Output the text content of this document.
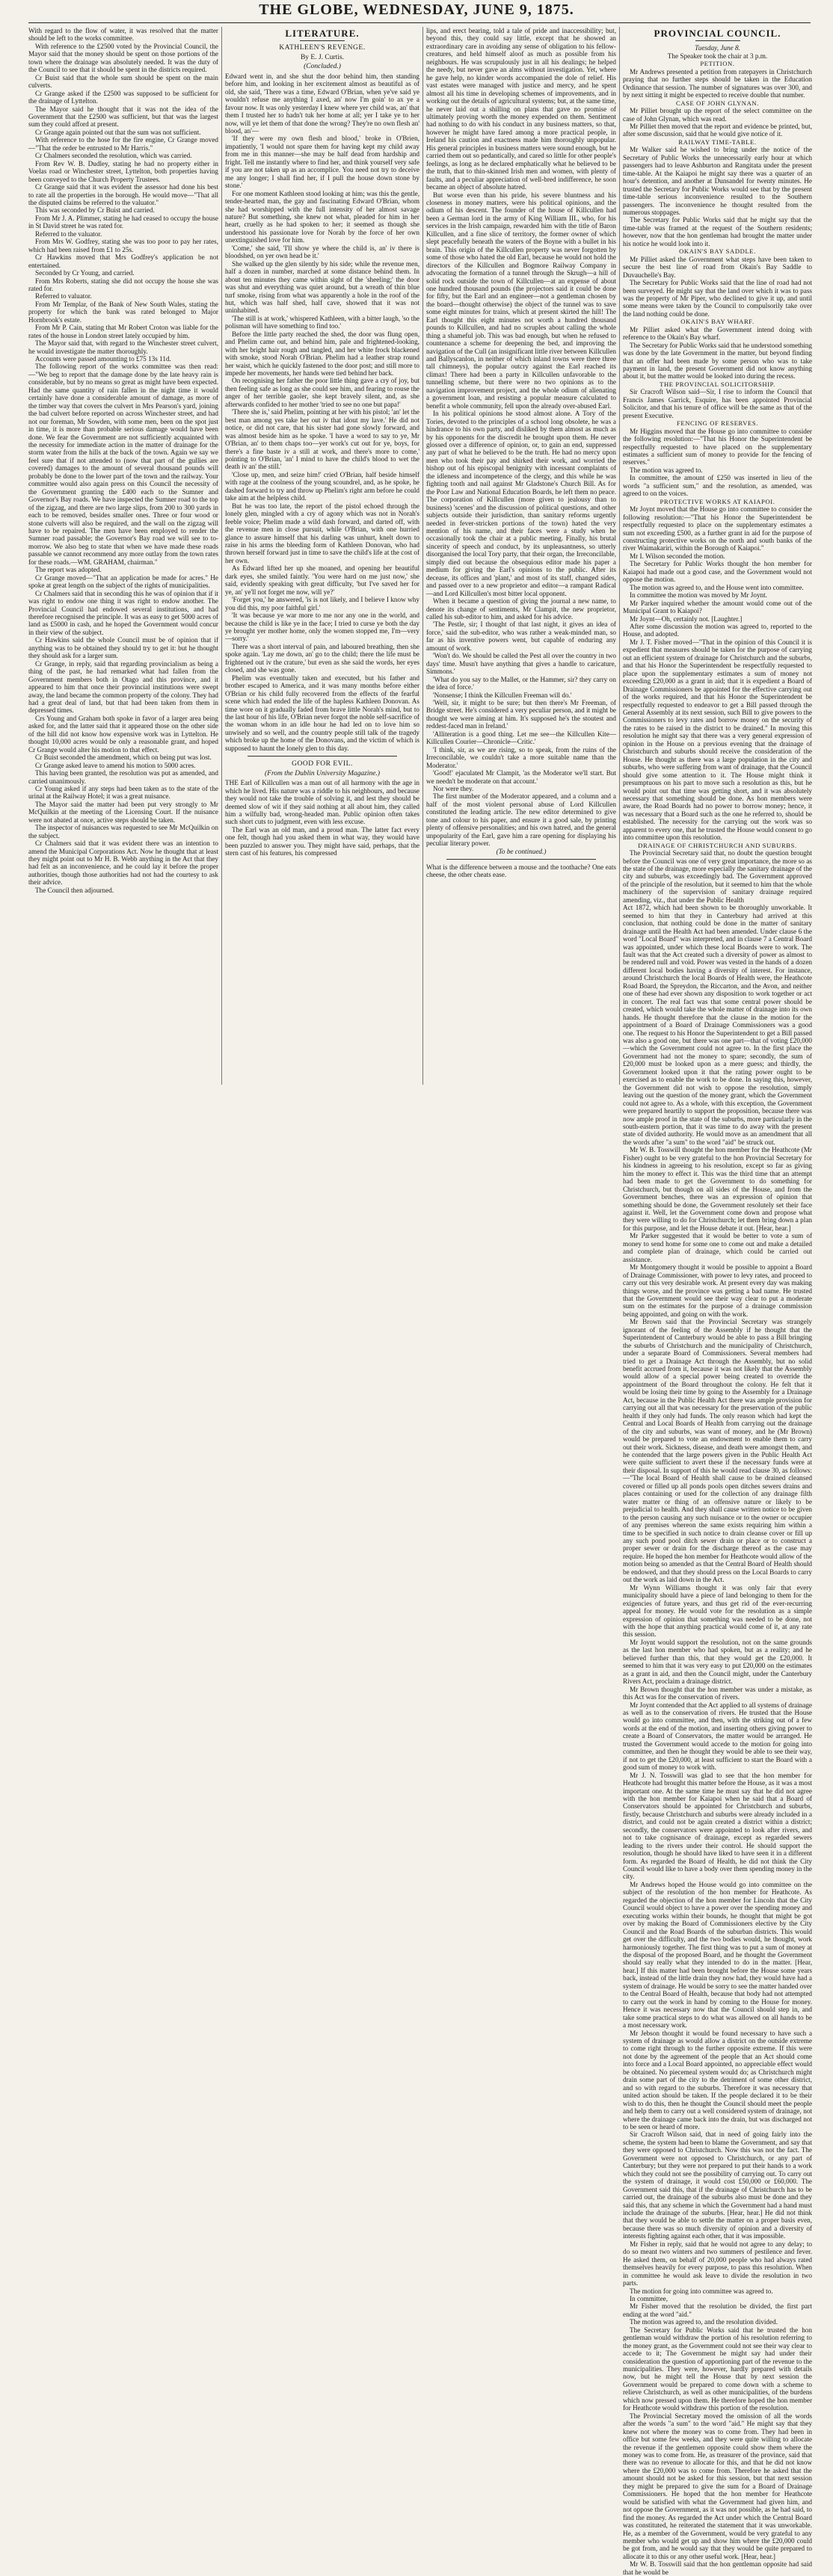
THE GLOBE, WEDNESDAY, JUNE 9, 1875.

With regard to the flow of water, it was resolved that the matter should be left to the works committee.

With reference to the £2500 voted by the Provincial Council, the Mayor said that the money should be spent on those portions of the town where the drainage was absolutely needed. It was the duty of the Council to see that it should be spent in the districts required.

Cr Buist said that the whole sum should be spent on the main culverts.

Cr Grange asked if the £2500 was supposed to be sufficient for the drainage of Lyttelton.

The Mayor said he thought that it was not the idea of the Government that the £2500 was sufficient, but that was the largest sum they could afford at present.

Cr Grange again pointed out that the sum was not sufficient.

With reference to the hose for the fire engine, Cr Grange moved—"That the order be entrusted to Mr Harris."

Cr Chalmers seconded the resolution, which was carried.

From Rev W. B. Dudley, stating he had no property either in Voelas road or Winchester street, Lyttelton, both properties having been conveyed to the Church Property Trustees.

Cr Grange said that it was evident the assessor had done his best to rate all the properties in the borough. He would move—"That all the disputed claims be referred to the valuator."

This was seconded by Cr Buist and carried.

From Mr J. A. Plimmer, stating he had ceased to occupy the house in St David street he was rated for.

Referred to the valuator.

From Mrs W. Godfrey, stating she was too poor to pay her rates, which had been raised from £1 to 25s.

Cr Hawkins moved that Mrs Godfrey's application be not entertained.

Seconded by Cr Young, and carried.

From Mrs Roberts, stating she did not occupy the house she was rated for.

Referred to valuator.

From Mr Templar, of the Bank of New South Wales, stating the property for which the bank was rated belonged to Major Hornbrook's estate.

From Mr P. Cain, stating that Mr Robert Croton was liable for the rates of the house in London street lately occupied by him.

The Mayor said that, with regard to the Winchester street culvert, he would investigate the matter thoroughly.

Accounts were passed amounting to £75 13s 11d.

The following report of the works committee was then read:—"We beg to report that the damage done by the late heavy rain is considerable, but by no means so great as might have been expected. Had the same quantity of rain fallen in the night time it would certainly have done a considerable amount of damage, as more of the timber way that covers the culvert in Mrs Pearson's yard, joining the bad culvert before reported on across Winchester street, and had not our foreman, Mr Sowden, with some men, been on the spot just in time, it is more than probable serious damage would have been done. We fear the Government are not sufficiently acquainted with the necessity for immediate action in the matter of drainage for the storm water from the hills at the back of the town. Again we say we feel sure that if not attended to (now that part of the gullies are covered) damages to the amount of several thousand pounds will probably be done to the lower part of the town and the railway. Your committee would also again press on this Council the necessity of the Government granting the £400 each to the Sumner and Governor's Bay roads. We have inspected the Sumner road to the top of the zigzag, and there are two large slips, from 200 to 300 yards in each to be removed, besides smaller ones. Three or four wood or stone culverts will also be required, and the wall on the zigzag will have to be repaired. The men have been employed to render the Sumner road passable; the Governor's Bay road we will see to to-morrow. We also beg to state that when we have made these roads passable we cannot recommend any more outlay from the town rates for these roads.—WM. GRAHAM, chairman."

The report was adopted.

Cr Grange moved—"That an application be made for acres." He spoke at great length on the subject of the rights of municipalities.

Cr Chalmers said that in seconding this he was of opinion that if it was right to endow one thing it was right to endow another. The Provincial Council had endowed several institutions, and had therefore recognised the principle. It was as easy to get 5000 acres of land as £5000 in cash, and he hoped the Government would concur in their view of the subject.

Cr Hawkins said the whole Council must be of opinion that if anything was to be obtained they should try to get it: but he thought they should ask for a larger sum.

Cr Grange, in reply, said that regarding provincialism as being a thing of the past, he had remarked what had fallen from the Government members both in Otago and this province, and it appeared to him that once their provincial institutions were swept away, the land became the common property of the colony. They had had a great deal of land, but that had been taken from them in depressed times.

Crs Young and Graham both spoke in favor of a larger area being asked for, and the latter said that it appeared those on the other side of the hill did not know how expensive work was in Lyttelton. He thought 10,000 acres would be only a reasonable grant, and hoped Cr Grange would alter his motion to that effect.

Cr Buist seconded the amendment, which on being put was lost.

Cr Grange asked leave to amend his motion to 5000 acres.

This having been granted, the resolution was put as amended, and carried unanimously.

Cr Young asked if any steps had been taken as to the state of the urinal at the Railway Hotel; it was a great nuisance.

The Mayor said the matter had been put very strongly to Mr McQuilkin at the meeting of the Licensing Court. If the nuisance were not abated at once, active steps should be taken.

The inspector of nuisances was requested to see Mr McQuilkin on the subject.

Cr Chalmers said that it was evident there was an intention to amend the Municipal Corporations Act. Now he thought that at least they might point out to Mr H. B. Webb anything in the Act that they had felt as an inconvenience, and he could lay it before the proper authorities, though those authorities had not had the courtesy to ask their advice.

The Council then adjourned.

LITERATURE.
KATHLEEN'S REVENGE.
By E. J. Curtis.
(Concluded.)

Edward went in, and she shut the door behind him, then standing before him, and looking in her excitement almost as beautiful as of old, she said, 'There was a time, Edward O'Brian, when ye've said ye wouldn't refuse me anything I axed, an' now I'm goin' to ax ye a favour now. It was only yesterday I knew where yer child was, an' that them I trusted her to hadn't tuk her home at all; yer I take ye to her now, will ye let them of that done the wrong? They're no own flesh an' blood, an'—

'If they were my own flesh and blood,' broke in O'Brien, impatiently, 'I would not spare them for having kept my child away from me in this manner—she may be half dead from hardship and fright. Tell me instantly where to find her, and think yourself very safe if you are not taken up as an accomplice. You need not try to deceive me any longer; I shall find her, if I pull the house down stone by stone.'

For one moment Kathleen stood looking at him; was this the gentle, tender-hearted man, the gay and fascinating Edward O'Brian, whom she had worshipped with the full intensity of her almost savage nature? But something, she knew not what, pleaded for him in her heart, cruelly as he had spoken to her; it seemed as though she understood his passionate love for Norah by the force of her own unextinguished love for him.

'Come,' she said, 'I'll show ye where the child is, an' iv there is bloodshed, on yer own head be it.'

She walked up the glen silently by his side; while the revenue men, half a dozen in number, marched at some distance behind them. In about ten minutes they came within sight of the 'sheeling;' the door was shut and everything was quiet around, but a wreath of thin blue turf smoke, rising from what was apparently a hole in the roof of the hut, which was half shed, half cave, showed that it was not uninhabited.

'The still is at work,' whispered Kathleen, with a bitter laugh, 'so the polisman will have something to find too.'

Before the little party reached the shed, the door was flung open, and Phelim came out, and behind him, pale and frightened-looking, with her bright hair rough and tangled, and her white frock blackened with smoke, stood Norah O'Brian. Phelim had a leather strap round her waist, which he quickly fastened to the door post; and still more to impede her movements, her hands were tied behind her back.

On recognising her father the poor little thing gave a cry of joy, but then feeling safe as long as she could see him, and fearing to rouse the anger of her terrible gaoler, she kept bravely silent, and, as she afterwards confided to her mother 'tried to see no one but papa!'

'There she is,' said Phelim, pointing at her with his pistol; 'an' let the best man among yes take her out iv that idout my lave.' He did not notice, or did not care, that his sister had gone slowly forward, and was almost beside him as he spoke. 'I have a word to say to ye, Mr O'Brian, an' to them chaps too—yer work's cut out for ye, boys, for there's a fine baste iv a still at work, and there's more to come,' pointing to O'Brian, 'an' I mind to have the child's blood to wet the death iv an' the still.'

'Close up, men, and seize him!' cried O'Brian, half beside himself with rage at the coolness of the young scoundrel, and, as he spoke, he dashed forward to try and throw up Phelim's right arm before he could take aim at the helpless child.

But he was too late, the report of the pistol echoed through the lonely glen, mingled with a cry of agony which was not in Norah's feeble voice; Phelim made a wild dash forward, and darted off, with the revenue men in close pursuit, while O'Brian, with one hurried glance to assure himself that his darling was unhurt, knelt down to raise in his arms the bleeding form of Kathleen Donovan, who had thrown herself forward just in time to save the child's life at the cost of her own.

As Edward lifted her up she moaned, and opening her beautiful dark eyes, she smiled faintly. 'You were hard on me just now,' she said, evidently speaking with great difficulty, 'but I've saved her for ye, an' ye'll not forget me now, will ye?'

'Forget you,' he answered, 'is is not likely, and I believe I know why you did this, my poor faithful girl.'

'It was because ye war more to me nor any one in the world, and because the child is like ye in the face; I tried to curse ye both the day ye brought yer mother home, only the women stopped me, I'm—very—sorry.'

There was a short interval of pain, and laboured breathing, then she spoke again. 'Lay me down, an' go to the child; there the life must be frightened out iv the crature,' but even as she said the words, her eyes closed, and she was gone.

Phelim was eventually taken and executed, but his father and brother escaped to America, and it was many months before either O'Brian or his child fully recovered from the effects of the fearful scene which had ended the life of the hapless Kathleen Donovan. As time wore on it gradually faded from brave little Norah's mind, but to the last hour of his life, O'Brian never forgot the noble self-sacrifice of the woman whom in an idle hour he had led on to love him so unwisely and so well, and the country people still talk of the tragedy which broke up the home of the Donovans, and the victim of which is supposed to haunt the lonely glen to this day.

GOOD FOR EVIL.
(From the Dublin University Magazine.)

THE Earl of Killcullen was a man out of all harmony with the age in which he lived. His nature was a riddle to his neighbours, and because they would not take the trouble of solving it, and lest they should be deemed slow of wit if they said nothing at all about him, they called him a wilfully bad, wrong-headed man. Public opinion often takes such short cuts to judgment, even with less excuse.

The Earl was an old man, and a proud man. The latter fact every one felt, though had you asked them in what way, they would have been puzzled to answer you. They might have said, perhaps, that the stern cast of his features, his compressed

lips, and erect bearing, told a tale of pride and inaccessibility; but, beyond this, they could say little, except that he showed an extraordinary care in avoiding any sense of obligation to his fellow-creatures, and held himself aloof as much as possible from his neighbours. He was scrupulously just in all his dealings; he helped the needy, but never gave an alms without investigation. Yet, where he gave help, no kinder words accompanied the dole of relief. His vast estates were managed with justice and mercy, and he spent almost all his time in developing schemes of improvements, and in working out the details of agricultural systems; but, at the same time, he never laid out a shilling on plans that gave no promise of ultimately proving worth the money expended on them. Sentiment had nothing to do with his conduct in any business matters, so that, however he might have fared among a more practical people, in Ireland his caution and exactness made him thoroughly unpopular. His general principles in business matters were sound enough, but he carried them out so pedantically, and cared so little for other people's feelings, as long as he declared emphatically what he believed to be the truth, that to thin-skinned Irish men and women, with plenty of faults, and a peculiar appreciation of well-bred indifference, he soon became an object of absolute hatred.

But worse even than his pride, his severe bluntness and his closeness in money matters, were his political opinions, and the odium of his descent. The founder of the house of Killcullen had been a German lord in the army of King William III., who, for his services in the Irish campaign, rewarded him with the title of Baron Killcullen, and a fine slice of territory, the former owner of which slept peacefully beneath the waters of the Boyne with a bullet in his brain. This origin of the Killcullen property was never forgotten by some of those who hated the old Earl, because he would not hold the directors of the Killcullen and Bogmore Railway Company in advocating the formation of a tunnel through the Skrugh—a hill of solid rock outside the town of Killcullen—at an expense of about one hundred thousand pounds (the projectors said it could be done for fifty, but the Earl and an engineer—not a gentleman chosen by the board—thought otherwise) the object of the tunnel was to save some eight minutes for trains, which at present skirted the hill! The Earl thought this eight minutes not worth a hundred thousand pounds to Killcullen, and had no scruples about calling the whole thing a shameful job. This was bad enough, but when he refused to countenance a scheme for deepening the bed, and improving the navigation of the Cull (an insignificant little river between Killcullen and Ballyscanlon, in neither of which inland towns were there three tall chimneys), the popular outcry against the Earl reached its climax! There had been a party in Killcullen unfavorable to the tunnelling scheme, but there were no two opinions as to the navigation improvement project, and the whole odium of alienating a government loan, and resisting a popular measure calculated to benefit a whole community, fell upon the already over-abused Earl.

In his political opinions he stood almost alone. A Tory of the Tories, devoted to the principles of a school long obsolete, he was a hindrance to his own party, and disliked by them almost as much as by his opponents for the discredit he brought upon them. He never glossed over a difference of opinion, or, to gain an end, suppressed any part of what he believed to be the truth. He had no mercy upon men who took their pay and shirked their work, and worried the bishop out of his episcopal benignity with incessant complaints of the idleness and incompetence of the clergy, and this while he was fighting tooth and nail against Mr Gladstone's Church Bill. As for the Poor Law and National Education Boards, he left them no peace. The corporation of Killcullen (more given to jealousy than to business) 'scenes' and the discussion of political questions, and other subjects outside their jurisdiction, than sanitary reforms urgently needed in fever-stricken portions of the town) hated the very mention of his name, and their faces were a study when he occasionally took the chair at a public meeting. Finally, his brutal sincerity of speech and conduct, by its unpleasantness, so utterly disorganised the local Tory party, that their organ, the Irreconcilable, simply died out because the obsequious editor made his paper a medium for giving the Earl's opinions to the public. After its decease, its offices and 'plant,' and most of its staff, changed sides, and passed over to a new proprietor and editor—a rampant Radical—and Lord Killcullen's most bitter local opponent.

When it became a question of giving the journal a new name, to denote its change of sentiments, Mr Clampit, the new proprietor, called his sub-editor to him, and asked for his advice.

'The Pestle, sir; I thought of that last night, it gives an idea of force,' said the sub-editor, who was rather a weak-minded man, so far as his inventive powers went, but capable of enduring any amount of work.

'Won't do. We should be called the Pest all over the country in two days' time. Musn't have anything that gives a handle to caricature, Simmons.'

'What do you say to the Mallet, or the Hammer, sir? they carry on the idea of force.'

'Nonsense; I think the Killcullen Freeman will do.'

'Well, sir, it might to be sure; but then there's Mr Freeman, of Bridge street. He's considered a very peculiar person, and it might be thought we were aiming at him. It's supposed he's the stoutest and reddest-faced man in Ireland.'

'Alliteration is a good thing. Let me see—the Killcullen Kite—Killcullen Courier—Chronicle—Critic.'

'I think, sir, as we are rising, so to speak, from the ruins of the Irreconcilable, we couldn't take a more suitable name than the Moderator.'

'Good!' ejaculated Mr Clampit, 'as the Moderator we'll start. But we needn't be moderate on that account.'

Nor were they.

The first number of the Moderator appeared, and a column and a half of the most violent personal abuse of Lord Killcullen constituted the leading article. The new editor determined to give tone and colour to his paper, and ensure it a good sale, by printing plenty of offensive personalities; and his own hatred, and the general unpopularity of the Earl, gave him a rare opening for displaying his peculiar literary power.

(To be continued.)

What is the difference between a mouse and the toothache? One eats cheese, the other cheats ease.

PROVINCIAL COUNCIL.

Tuesday, June 8.

The Speaker took the chair at 3 p.m.

PETITION.

Mr Andrews presented a petition from ratepayers in Christchurch praying that no further steps should be taken in the Education Ordinance that session. The number of signatures was over 300, and by next sitting it might be expected to receive double that number.

CASE OF JOHN GLYNAN.

Mr Pilliet brought up the report of the select committee on the case of John Glynan, which was read.

Mr Pilliet then moved that the report and evidence be printed, but, after some discussion, said that he would give notice of it.

RAILWAY TIME-TABLE.

Mr Walker said he wished to bring under the notice of the Secretary of Public Works the unnecessarily early hour at which passengers had to leave Ashburton and Rangitata under the present time-table. At the Kaiapoi he might say there was a quarter of an hour's detention, and another at Dunsandel for twenty minutes. He trusted the Secretary for Public Works would see that by the present time-table serious inconvenience resulted to the Southern passengers. The inconvenience he thought resulted from the numerous stoppages.

The Secretary for Public Works said that he might say that the time-table was framed at the request of the Southern residents; however, now that the hon gentleman had brought the matter under his notice he would look into it.

OKAIN'S BAY SADDLE.

Mr Pilliet asked the Government what steps have been taken to secure the best line of road from Okain's Bay Saddle to Duvauchelle's Bay.

The Secretary for Public Works said that the line of road had not been surveyed. He might say that the land over which it was to pass was the property of Mr Piper, who declined to give it up, and until some means were taken by the Council to compulsorily take over the land nothing could be done.

OKAIN'S BAY WHARF.

Mr Pilliet asked what the Government intend doing with reference to the Okain's Bay wharf.

The Secretary for Public Works said that he understood something was done by the late Government in the matter, but beyond finding that an offer had been made by some person who was to take payment in land, the present Government did not know anything about it, but the matter would be looked into during the recess.

THE PROVINCIAL SOLICITORSHIP.

Sir Cracroft Wilson said—Sir, I rise to inform the Council that Francis James Garrick, Esquire, has been appointed Provincial Solicitor, and that his tenure of office will be the same as that of the present Executive.

FENCING OF RESERVES.

Mr Higgins moved that the House go into committee to consider the following resolution:—"That his Honor the Superintendent be respectfully requested to have placed on the supplementary estimates a sufficient sum of money to provide for the fencing of reserves."

The motion was agreed to.

In committee, the amount of £250 was inserted in lieu of the words "a sufficient sum," and the resolution, as amended, was agreed to on the voices.

PROTECTIVE WORKS AT KAIAPOI.

Mr Joynt moved that the House go into committee to consider the following resolution:—"That his Honor the Superintendent be respectfully requested to place on the supplementary estimates a sum not exceeding £500, as a further grant in aid for the purpose of constructing protective works on the north and south banks of the river Waimakariri, within the Borough of Kaiapoi."

Mr I. Wilson seconded the motion.

The Secretary for Public Works thought the hon member for Kaiapoi had made out a good case, and the Government would not oppose the motion.

The motion was agreed to, and the House went into committee.

In committee the motion was moved by Mr Joynt.

Mr Parker inquired whether the amount would come out of the Municipal Grant to Kaiapoi?

Mr Joynt—Oh, certainly not. [Laughter.]

After some discussion the motion was agreed to, reported to the House, and adopted.

Mr J. T. Fisher moved—"That in the opinion of this Council it is expedient that measures should be taken for the purpose of carrying out an efficient system of drainage for Christchurch and the suburbs, and that his Honor the Superintendent be respectfully requested to place upon the supplementary estimates a sum of money not exceeding £20,000 as a grant in aid; that it is expedient a Board of Drainage Commissioners be appointed for the effective carrying out of the works required, and that his Honor the Superintendent be respectfully requested to endeavor to get a Bill passed through the General Assembly at its next session, such Bill to give powers to the Commissioners to levy rates and borrow money on the security of the rates to be raised in the district to be drained." In moving this resolution he might say that there was a very general expression of opinion in the House on a previous evening that the drainage of Christchurch and suburbs should receive the consideration of the House. He thought as there was a large population in the city and suburbs, who were suffering from want of drainage, that the Council should give some attention to it. The House might think it presumptuous on his part to move such a resolution as this, but he would point out that time was getting short, and it was absolutely necessary that something should be done. As hon members were aware, the Road Boards had no power to borrow money; hence, it was necessary that a Board such as the one he referred to, should be established. The necessity for the carrying out the work was so apparent to every one, that he trusted the House would consent to go into committee upon this resolution.

DRAINAGE OF CHRISTCHURCH AND SUBURBS.

The Provincial Secretary said that, no doubt the question brought before the Council was one of very great importance, the more so as the state of the drainage, more especially the sanitary drainage of the city and suburbs, was exceedingly bad. The Government approved of the principle of the resolution, but it seemed to him that the whole machinery of the supervision of sanitary drainage required amending, viz., that under the Public Health

Act 1872, which had been shown to be thoroughly unworkable. It seemed to him that they in Canterbury had arrived at this conclusion, that nothing could be done in the matter of sanitary drainage until the Health Act had been amended. Under clause 6 the word "Local Board" was interpreted, and in clause 7 a Central Board was appointed, under which these local Boards were to work. The fault was that the Act created such a diversity of power as almost to be rendered null and void. Power was vested in the hands of a dozen different local bodies having a diversity of interest. For instance, around Christchurch the local Boards of Health were, the Heathcote Road Board, the Spreydon, the Riccarton, and the Avon, and neither one of these had ever shown any disposition to work together or act in concert. The real fact was that some central power should be created, which would take the whole matter of drainage into its own hands. He thought therefore that the clause in the motion for the appointment of a Board of Drainage Commissioners was a good one. The request to his Honor the Superintendent to get a Bill passed was also a good one, but there was one part—that of voting £20,000—which the Government could not agree to. In the first place the Government had not the money to spare; secondly, the sum of £20,000 must be looked upon as a mere guess; and thirdly, the Government looked upon it that the rating power ought to be exercised as to enable the work to be done. In saying this, however, the Government did not wish to oppose the resolution, simply leaving out the question of the money grant, which the Government could not agree to. As a whole, with this exception, the Government were prepared heartily to support the proposition, because there was now ample proof in the state of the suburbs, more particularly in the south-eastern portion, that it was time to do away with the present state of divided authority. He would move as an amendment that all the words after "a sum" to the word "aid" be struck out.

Mr W. B. Tosswill thought the hon member for the Heathcote (Mr Fisher) ought to be very grateful to the hon Provincial Secretary for his kindness in agreeing to his resolution, except so far as giving him the money to effect it. This was the third time that an attempt had been made to get the Government to do something for Christchurch, but though on all sides of the House, and from the Government benches, there was an expression of opinion that something should be done, the Government resolutely set their face against it. Well, let the Government come down and propose what they were willing to do for Christchurch; let them bring down a plan for this purpose, and let the House debate it out. [Hear, hear.]

Mr Parker suggested that it would be better to vote a sum of money to send home for some one to come out and make a detailed and complete plan of drainage, which could be carried out assistance.

Mr Montgomery thought it would be possible to appoint a Board of Drainage Commissioner, with power to levy rates, and proceed to carry out this very desirable work. At present every day was making things worse, and the province was getting a bad name. He trusted that the Government would see their way clear to put a moderate sum on the estimates for the purpose of a drainage commission being appointed, and going on with the work.

Mr Brown said that the Provincial Secretary was strangely ignorant of the feeling of the Assembly if he thought that the Superintendent of Canterbury would be able to pass a Bill bringing the suburbs of Christchurch and the municipality of Christchurch, under a separate Board of Commissioners. Several members had tried to get a Drainage Act through the Assembly, but no solid benefit accrued from it, because it was not likely that the Assembly would allow of a special power being created to override the appointment of the Board throughout the colony. He felt that it would be losing their time by going to the Assembly for a Drainage Act, because in the Public Health Act there was ample provision for carrying out all that was necessary for the preservation of the public health if they only had funds. The only reason which had kept the Central and Local Boards of Health from carrying out the drainage of the city and suburbs, was want of money, and he (Mr Brown) would be prepared to vote an endowment to enable them to carry out their work. Sickness, disease, and death were amongst them, and he contended that the large powers given in the Public Health Act were quite sufficient to avert these if the necessary funds were at their disposal. In support of this he would read clause 30, as follows:—"The local Board of Health shall cause to be drained cleansed covered or filled up all ponds pools open ditches sewers drains and places containing or used for the collection of any drainage filth water matter or thing of an offensive nature or likely to be prejudicial to health. And they shall cause written notice to be given to the person causing any such nuisance or to the owner or occupier of any premises whereon the same exists requiring him within a time to be specified in such notice to drain cleanse cover or fill up any such pond pool ditch sewer drain or place or to construct a proper sewer or drain for the discharge thereof as the case may require. He hoped the hon member for Heathcote would allow of the motion being so amended as that the Central Board of Health should be endowed, and that they should press on the Local Boards to carry out the work as laid down in the Act.

Mr Wynn Williams thought it was only fair that every municipality should have a piece of land belonging to them for the exigencies of future years, and thus get rid of the ever-recurring appeal for money. He would vote for the resolution as a simple expression of opinion that something was needed to be done, not with the hope that anything practical would come of it, at any rate this session.

Mr Joynt would support the resolution, not on the same grounds as the last hon member who had spoken, but as a reality; and he believed further than this, that they would get the £20,000. It seemed to him that it was very easy to put £20,000 on the estimates as a grant in aid, and then the Council might, under the Canterbury Rivers Act, proclaim a drainage district.

Mr Brown thought that the hon member was under a mistake, as this Act was for the conservation of rivers.

Mr Joynt contended that the Act applied to all systems of drainage as well as to the conservation of rivers. He trusted that the House would go into committee, and then, with the striking out of a few words at the end of the motion, and inserting others giving power to create a Board of Conservators, the matter would be arranged. He trusted the Government would accede to the motion for going into committee, and then he thought they would be able to see their way, if not to get the £20,000, at least sufficient to start the Board with a good sum of money to work with.

Mr J. N. Tosswill was glad to see that the hon member for Heathcote had brought this matter before the House, as it was a most important one. At the same time he must say that he did not agree with the hon member for Kaiapoi when he said that a Board of Conservators should be appointed for Christchurch and suburbs, firstly, because Christchurch and suburbs were already included in a district, and could not be again created a district within a district; secondly, the conservators were appointed to look after rivers, and not to take cognisance of drainage, except as regarded sewers leading to the rivers under their control. He should support the resolution, though he should have liked to have seen it in a different form. As regarded the Board of Health, he did not think the City Council would like to have a body over them spending money in the city.

Mr Andrews hoped the House would go into committee on the subject of the resolution of the hon member for Heathcote. As regarded the objection of the hon member for Lincoln that the City Council would object to have a power over the spending money and executing works within their bounds, he thought that might be got over by making the Board of Commissioners elective by the City Council and the Road Boards of the suburban districts. This would get over the difficulty, and the two bodies would, he thought, work harmoniously together. The first thing was to put a sum of money at the disposal of the proposed Board, and he thought the Government should say really what they intended to do in the matter. [Hear, hear.] If this matter had been brought before the House some years back, instead of the little drain they now had, they would have had a system of drainage. He would be sorry to see the matter handed over to the Central Board of Health, because that body had not attempted to carry out the work in hand by coming to the House for money. Hence it was necessary now that the Council should step in, and take some practical steps to do what was allowed on all hands to be a most necessary work.

Mr Jebson thought it would be found necessary to have such a system of drainage as would allow a district on the outside extreme to come right through to the further opposite extreme. If this were not done by the agreement of the people that an Act should come into force and a Local Board appointed, no appreciable effect would be obtained. No piecemeal system would do; as Christchurch might drain some part of the city to the detriment of some other district, and so with regard to the suburbs. Therefore it was necessary that united action should be taken. If the people declared it to be their wish to do this, then he thought the Council should meet the people and help them to carry out a well considered system of drainage, not where the drainage came back into the drain, but was discharged not to be seen or heard of more.

Sir Cracroft Wilson said, that in need of going fairly into the scheme, the system had been to blame the Government, and say that they were opposed to Christchurch. Now this was not the fact. The Government were not opposed to Christchurch, or any part of Canterbury; but they were not prepared to put their hands to a work which they could not see the possibility of carrying out. To carry out the system of drainage, it would cost £50,000 or £60,000. The Government said this, that if the drainage of Christchurch has to be carried out, the drainage of the suburbs also must be done and they said this, that any scheme in which the Government had a hand must include the drainage of the suburbs. [Hear, hear.] He did not think that they would be able to settle the matter on a proper basis even, because there was so much diversity of opinion and a diversity of interests fighting against each other, that it was impossible.

Mr Fisher in reply, said that he would not agree to any delay; to do so meant two winters and two summers of pestilence and fever. He asked them, on behalf of 20,000 people who had always rated themselves heavily for every purpose, to pass this resolution. When in committee he would ask leave to divide the resolution in two parts.

The motion for going into committee was agreed to.

In committee,

Mr Fisher moved that the resolution be divided, the first part ending at the word "aid."

The motion was agreed to, and the resolution divided.

The Secretary for Public Works said that he trusted the hon gentleman would withdraw the portion of his resolution referring to the money grant, as the Government could not see their way clear to accede to it; The Government he might say had under their consideration the question of apportioning part of the revenue to the municipalities. They were, however, hardly prepared with details now, but he might tell the House that by next session the Government would be prepared to come down with a scheme to relieve Christchurch, as well as other municipalities, of the burdens which now pressed upon them. He therefore hoped the hon member for Heathcote would withdraw this portion of the resolution.

The Provincial Secretary moved the omission of all the words after the words "a sum" to the word "aid." He might say that they knew not where the money was to come from. They had been in office but some few weeks, and they were quite willing to allocate the revenue if the gentlemen opposite could show them where the money was to come from. He, as treasurer of the province, said that there was no revenue to allocate for this, and that he did not know where the £20,000 was to come from. Therefore he asked that the amount should not be asked for this session, but that next session they might be prepared to give the sum for a Board of Drainage Commissioners. He hoped that the hon member for Heathcote would be satisfied with what the Government had given him, and not oppose the Government, as it was not possible, as he had said, to find the money. As regarded the Act under which the Central Board was constituted, he reiterated the statement that it was unworkable. He, as a member of the Government, would be very grateful to any member who would get up and show him where the £20,000 could be got from, and he would say that they would be quite prepared to allocate it to this or any other useful work. [Hear, hear.]

Mr W. B. Tosswill said that the hon gentleman opposite had said that he would be
